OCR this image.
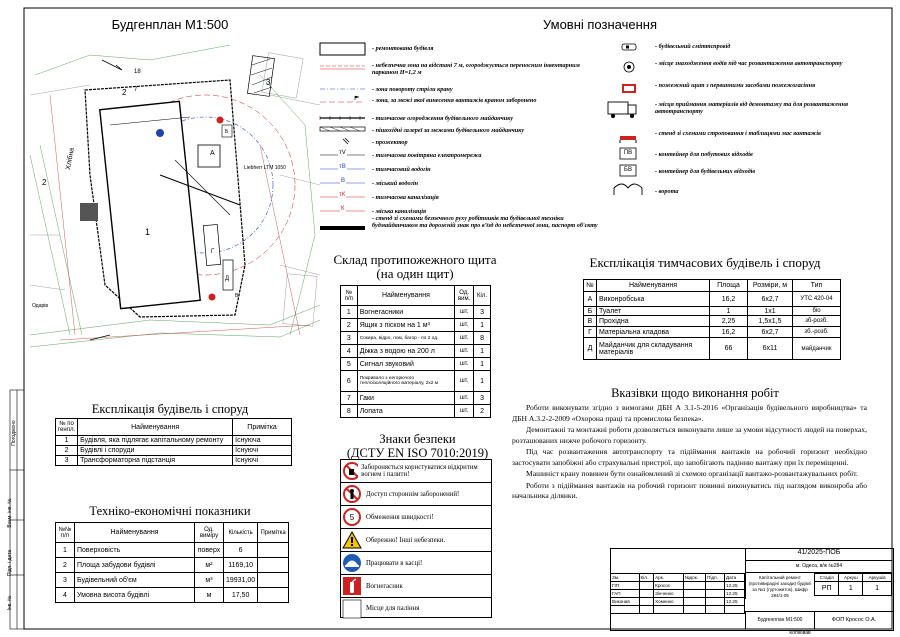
Погоджено
Взам. інв. №
Підп. і дата
Інв. №
Будгенплан М1:500
18
7
2
2
1
3
А
Г
Д
Б
В
Liebherr LTM 1050
Хлібна
Одарів
Умовні позначення
тV
тВ
В
тК
К
- ремонтована будівля
- небезпечна зона на відстані 7 м, огороджується переносним інвентарним парканом Н=1,2 м
- зона повороту стріли крану
- зона, за межі якої винесення вантажів краном заборонено
- тимчасове огородження будівельного майданчику
- пішохідні галереї за межами будівельного майданчику
- прожектор
- тимчасова повітряна електромережа
- тимчасовий водогін
- міський водогін
- тимчасова каналізація
- міська каналізація
- стенд зі схемами безпечного руху робітників та будівельної техніки будмайданчиком та дорожній знак про в'їзд до небезпечної зони, паспорт об'єкту
ПВ
БВ
- будівельний сміттєпровід
- місце знаходження водія під час розвантаження автотранспорту
- пожежний щит з первинними засобами пожежогасіння
- місця приймання матеріалів від демонтажу та для розвантаження автотранспорту
- стенд зі схемами строповання і таблицями мас вантажів
- контейнер для побутових відходів
- контейнер для будівельних відходів
- ворота
Склад протипожежного щита
(на один щит)
№ п/п	Найменування	Од. вим.	Кіл.
1	Вогнегасники	шт.	3
2	Ящик з піском на 1 м³	шт.	1
3	Сокира, відро, лом, багор - по 2 од.	шт.	8
4	Діжка з водою на 200 л	шт.	1
5	Сигнал звуковий	шт.	1
6	Покривало з негорючого теплоізоляційного матеріалу, 2х2 м	шт.	1
7	Гаки	шт.	3
8	Лопата	шт.	2
Експлікація тимчасових будівель і споруд
№	Найменування	Площа	Розміри, м	Тип
А	Виконробська	16,2	6х2,7	УТС 420-04
Б	Туалет	1	1х1	біо
В	Прохідна	2,25	1,5х1,5	зб-розб.
Г	Матеріальна кладова	16,2	6х2,7	зб.-розб.
Д	Майданчик для складування матеріалів	66	6х11	майданчик
Вказівки щодо виконання робіт

Роботи виконувати згідно з вимогами ДБН А 3.1-5-2016 «Організація будівельного виробництва» та ДБН А.3.2-2-2009 «Охорона праці та промислова безпека».

Демонтажні та монтажні роботи дозволяється виконувати лише за умови відсутності людей на поверхах, розташованих нижче робочого горизонту.

Під час розвантаження автотранспорту та підіймання вантажів на робочий горизонт необхідно застосувати запобіжні або страхувальні пристрої, що запобігають падінню вантажу при їх переміщенні.

Машиніст крану повинен бути ознайомлений зі схемою організації вантажо-розвантажувальних робіт.

Роботи з підіймання вантажів на робочий горизонт повинні виконуватись під наглядом виконроба або начальника ділянки.

Експлікація будівель і споруд
№ по генпл.	Найменування	Примітка
1	Будівля, яка підлягає капітальному ремонту	Існуюча
2	Будівлі і споруди	Існуючі
3	Трансформаторна підстанція	Існуючі
Техніко-економічні показники
№№ п/п	Найменування	Од. виміру	Кількість	Примітка
1	Поверховість	поверх	6	
2	Площа забудови будівлі	м²	1169,10	
3	Будівельний об'єм	м³	19931,00	
4	Умовна висота будівлі	м	17,50	
Знаки безпеки
(ДСТУ EN ISO 7010:2019)
Забороняється користуватися відкритим вогнем і палити!
Доступ стороннім заборонений!
5 Обмеження швидкості!
Обережно! Інші небезпеки.
Працювати в касці!
Вогнегасник
Місце для паління
41/2025-ПОБ
м. Одеса, в/ж №284
Капітальний ремонт (противирадіні заходи) будівлі за №1 (гуртожиток), Шифр 284/1-05
Стадія	Аркуш	Аркушів
РП	1	1
Будгенплан М1:500	ФОП Кросос О.А.
Зм.	Кіл.	Арк.	№док.	Підп.	Дата
ГІП		Кросос			12.25
ГАП		Зінченко			12.25
Виконав		Хоменко			12.25

Копіював
